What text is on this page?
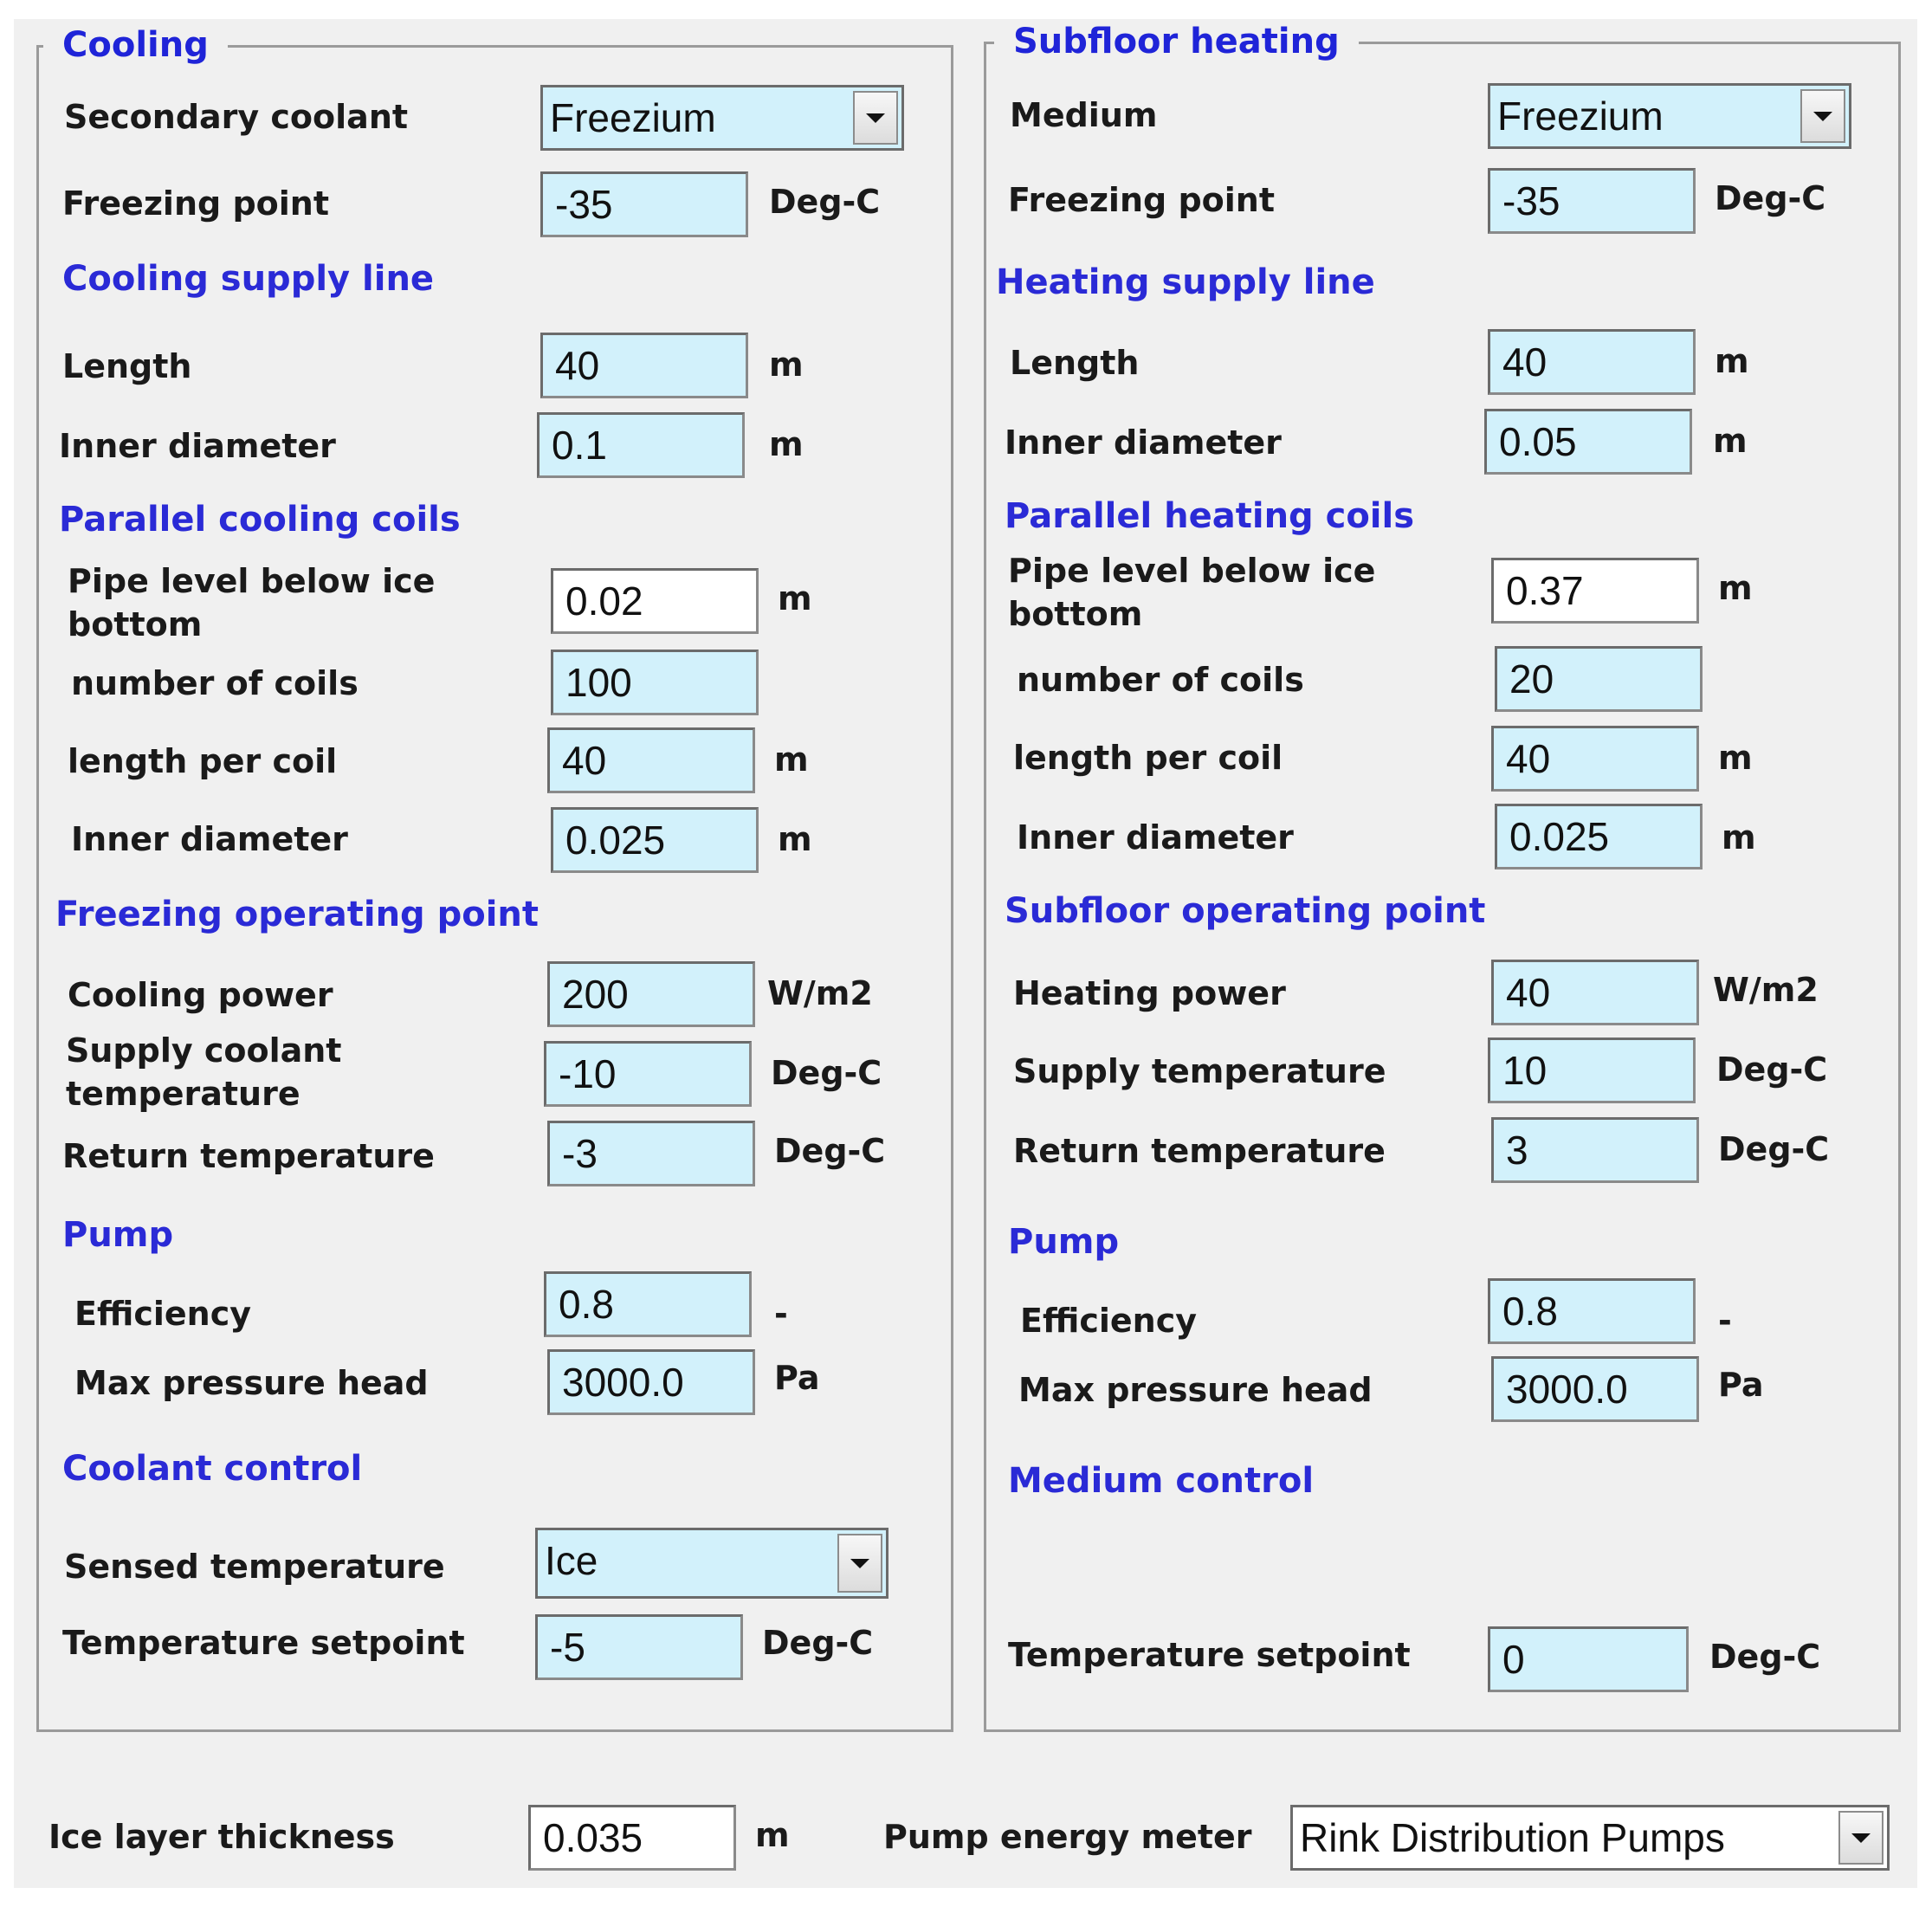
Cooling
Secondary coolant	Freezium
Freezing point	-35	Deg-C
Cooling supply line
Length	40	m
Inner diameter	0.1	m
Parallel cooling coils
Pipe level below ice bottom
0.02	m
number of coils	100
length per coil	40	m
Inner diameter	0.025	m
Freezing operating point
Cooling power	200	W/m2
Supply coolant temperature	-10	Deg-C
Return temperature	-3	Deg-C
Pump
Efficiency	0.8	-
Max pressure head	3000.0	Pa
Coolant control
Sensed temperature	Ice
Temperature setpoint	-5	Deg-C
Subfloor heating
Medium	Freezium
Freezing point	-35	Deg-C
Heating supply line
Length	40	m
Inner diameter	0.05	m
Parallel heating coils
Pipe level below ice bottom
0.37	m
number of coils	20
length per coil	40	m
Inner diameter	0.025	m
Subfloor operating point
Heating power	40	W/m2
Supply temperature	10	Deg-C
Return temperature	3	Deg-C
Pump
Efficiency	0.8	-
Max pressure head	3000.0	Pa
Medium control
Temperature setpoint	0	Deg-C
Ice layer thickness	0.035	m	Pump energy meter Rink Distribution Pumps
